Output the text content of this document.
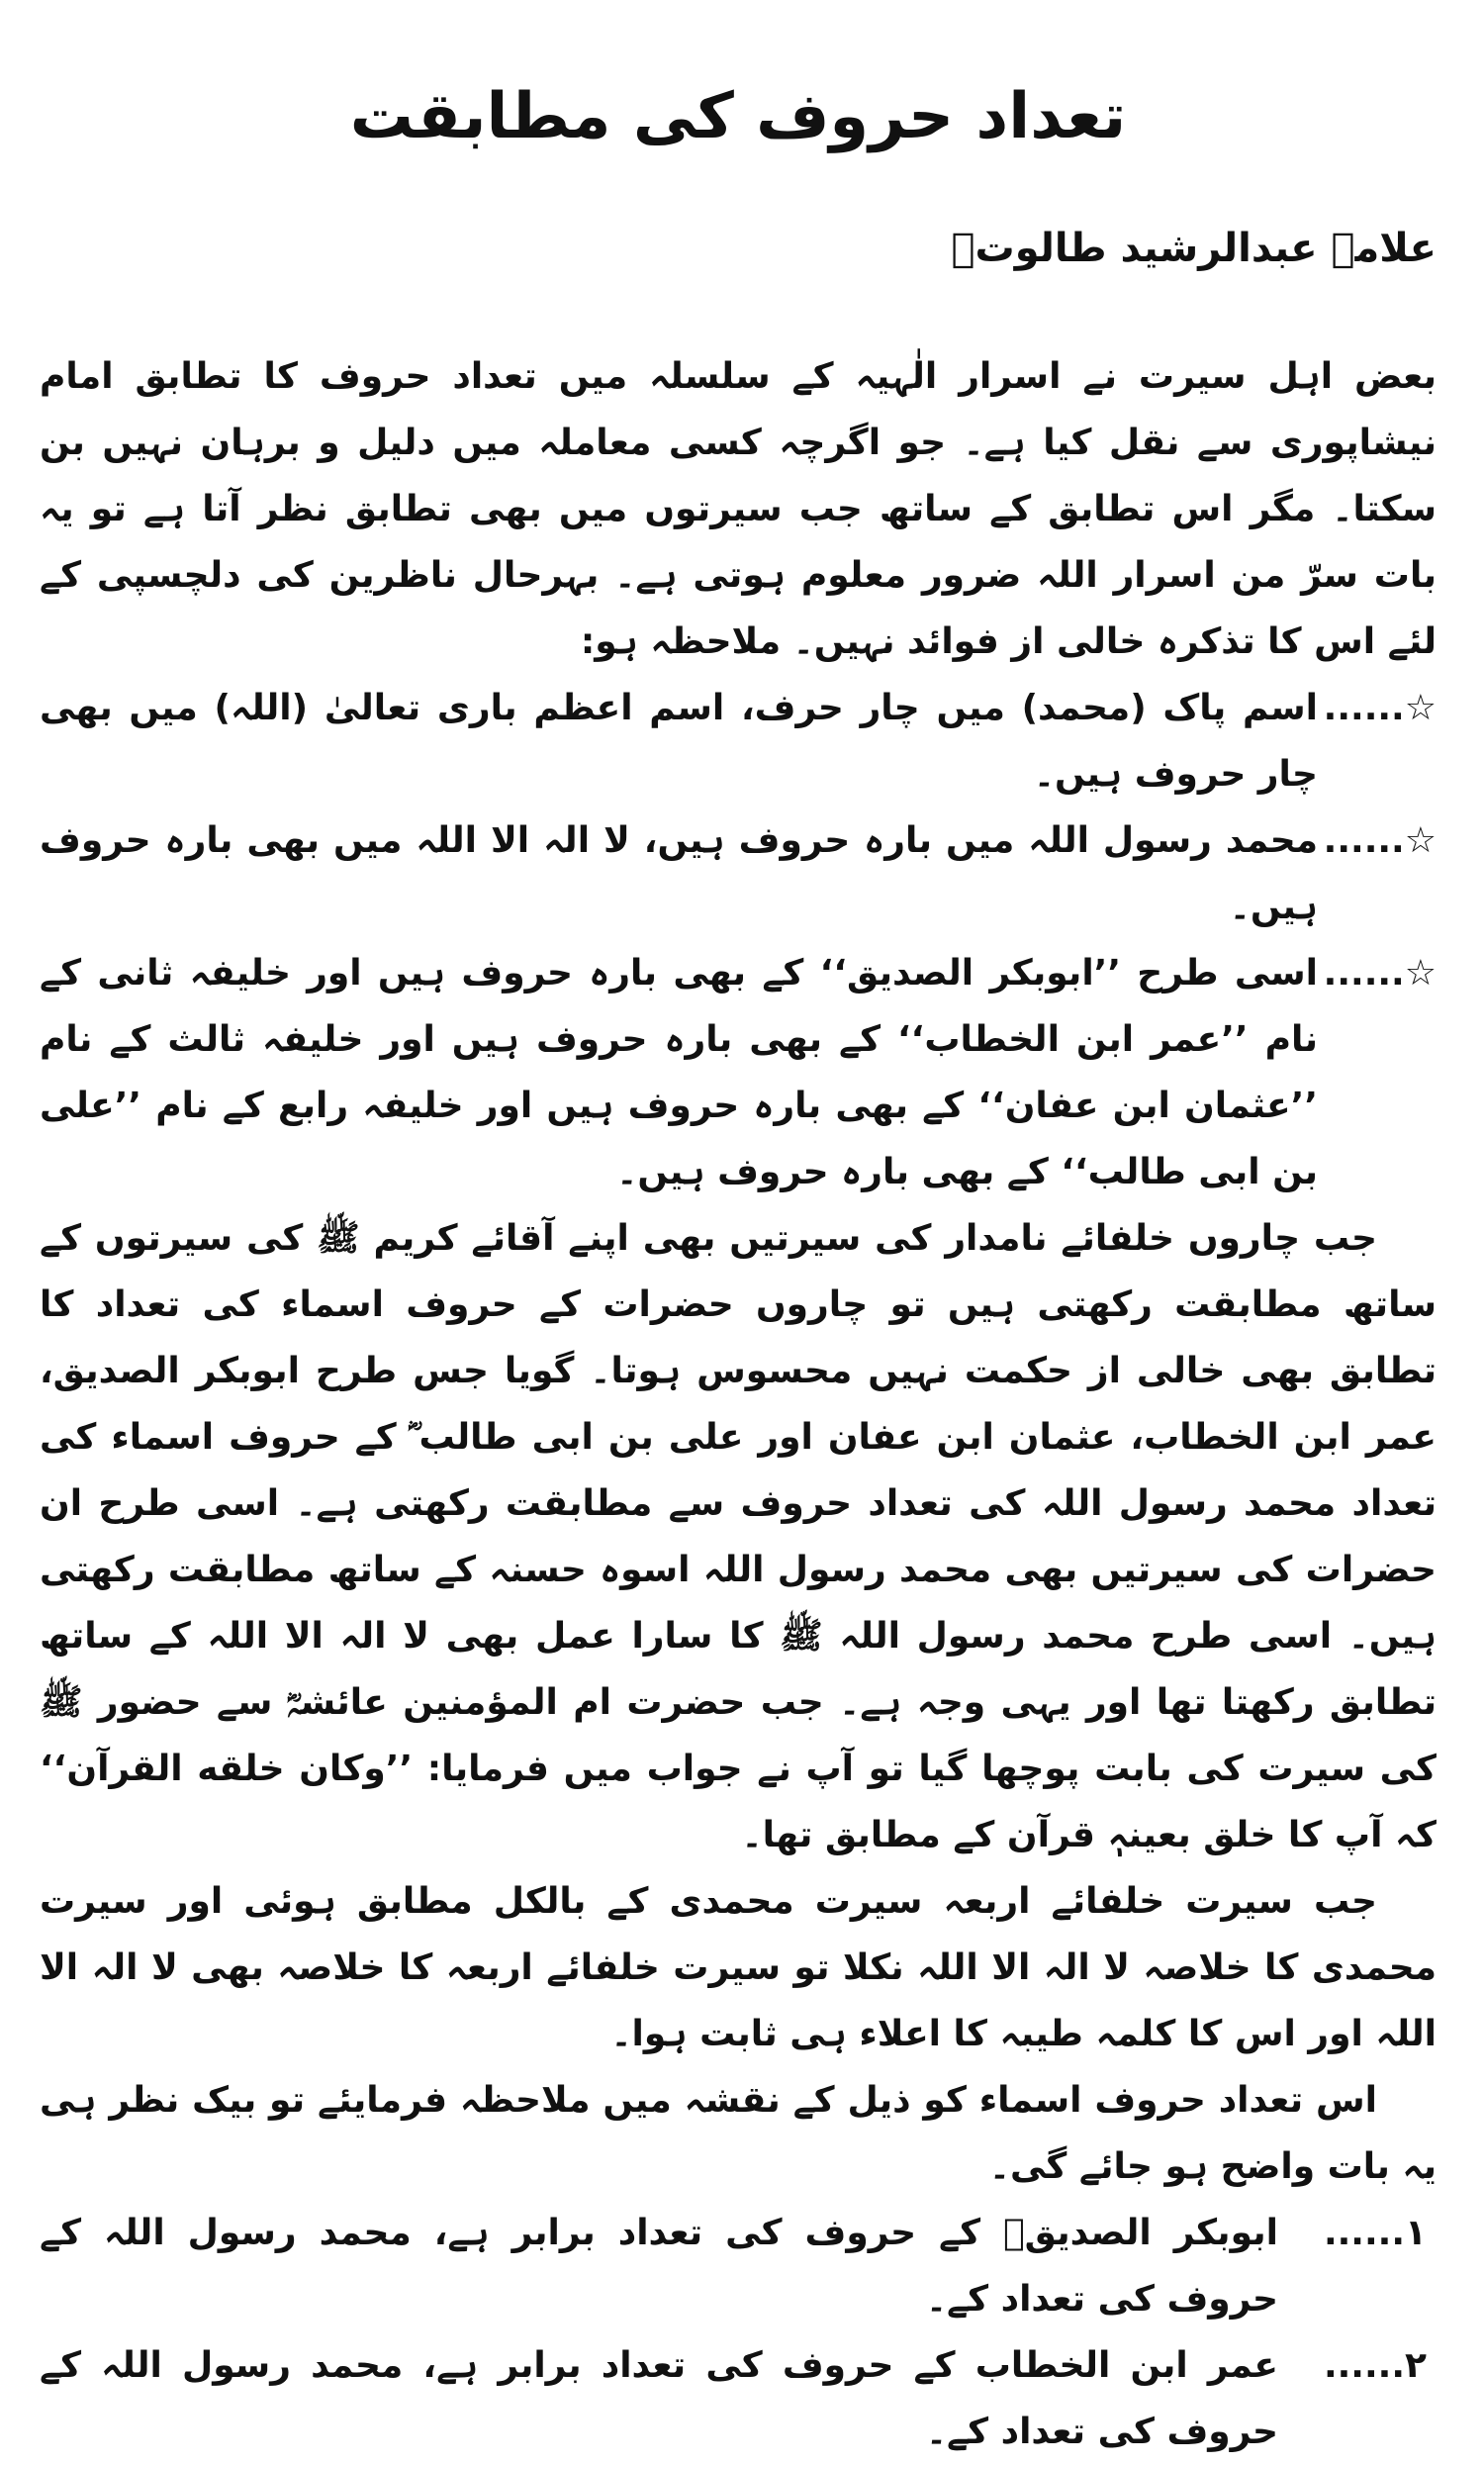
تعداد حروف کی مطابقت
علامہ عبدالرشید طالوتؒ

بعض اہل سیرت نے اسرار الٰہیہ کے سلسلہ میں تعداد حروف کا تطابق امام نیشاپوری سے نقل کیا ہے۔ جو اگرچہ کسی معاملہ میں دلیل و برہان نہیں بن سکتا۔ مگر اس تطابق کے ساتھ جب سیرتوں میں بھی تطابق نظر آتا ہے تو یہ بات سرّ من اسرار اللہ ضرور معلوم ہوتی ہے۔ بہرحال ناظرین کی دلچسپی کے لئے اس کا تذکرہ خالی از فوائد نہیں۔ ملاحظہ ہو:

☆......
اسم پاک (محمد) میں چار حرف، اسم اعظم باری تعالیٰ (اللہ) میں بھی چار حروف ہیں۔
☆......
محمد رسول اللہ میں بارہ حروف ہیں، لا الہ الا اللہ میں بھی بارہ حروف ہیں۔
☆......
اسی طرح ’’ابوبکر الصدیق‘‘ کے بھی بارہ حروف ہیں اور خلیفہ ثانی کے نام ’’عمر ابن الخطاب‘‘ کے بھی بارہ حروف ہیں اور خلیفہ ثالث کے نام ’’عثمان ابن عفان‘‘ کے بھی بارہ حروف ہیں اور خلیفہ رابع کے نام ’’علی بن ابی طالب‘‘ کے بھی بارہ حروف ہیں۔

جب چاروں خلفائے نامدار کی سیرتیں بھی اپنے آقائے کریم ﷺ کی سیرتوں کے ساتھ مطابقت رکھتی ہیں تو چاروں حضرات کے حروف اسماء کی تعداد کا تطابق بھی خالی از حکمت نہیں محسوس ہوتا۔ گویا جس طرح ابوبکر الصدیق، عمر ابن الخطاب، عثمان ابن عفان اور علی بن ابی طالب ؓ کے حروف اسماء کی تعداد محمد رسول اللہ کی تعداد حروف سے مطابقت رکھتی ہے۔ اسی طرح ان حضرات کی سیرتیں بھی محمد رسول اللہ اسوہ حسنہ کے ساتھ مطابقت رکھتی ہیں۔ اسی طرح محمد رسول اللہ ﷺ کا سارا عمل بھی لا الہ الا اللہ کے ساتھ تطابق رکھتا تھا اور یہی وجہ ہے۔ جب حضرت ام المؤمنین عائشہؓ سے حضور ﷺ کی سیرت کی بابت پوچھا گیا تو آپ نے جواب میں فرمایا: ’’وکان خلقه القرآن‘‘ کہ آپ کا خلق بعینہٖ قرآن کے مطابق تھا۔

جب سیرت خلفائے اربعہ سیرت محمدی کے بالکل مطابق ہوئی اور سیرت محمدی کا خلاصہ لا الہ الا اللہ نکلا تو سیرت خلفائے اربعہ کا خلاصہ بھی لا الہ الا اللہ اور اس کا کلمہ طیبہ کا اعلاء ہی ثابت ہوا۔

اس تعداد حروف اسماء کو ذیل کے نقشہ میں ملاحظہ فرمایئے تو بیک نظر ہی یہ بات واضح ہو جائے گی۔

۱......
ابوبکر الصدیقؓ کے حروف کی تعداد برابر ہے، محمد رسول اللہ کے حروف کی تعداد کے۔
۲......
عمر ابن الخطاب کے حروف کی تعداد برابر ہے، محمد رسول اللہ کے حروف کی تعداد کے۔
